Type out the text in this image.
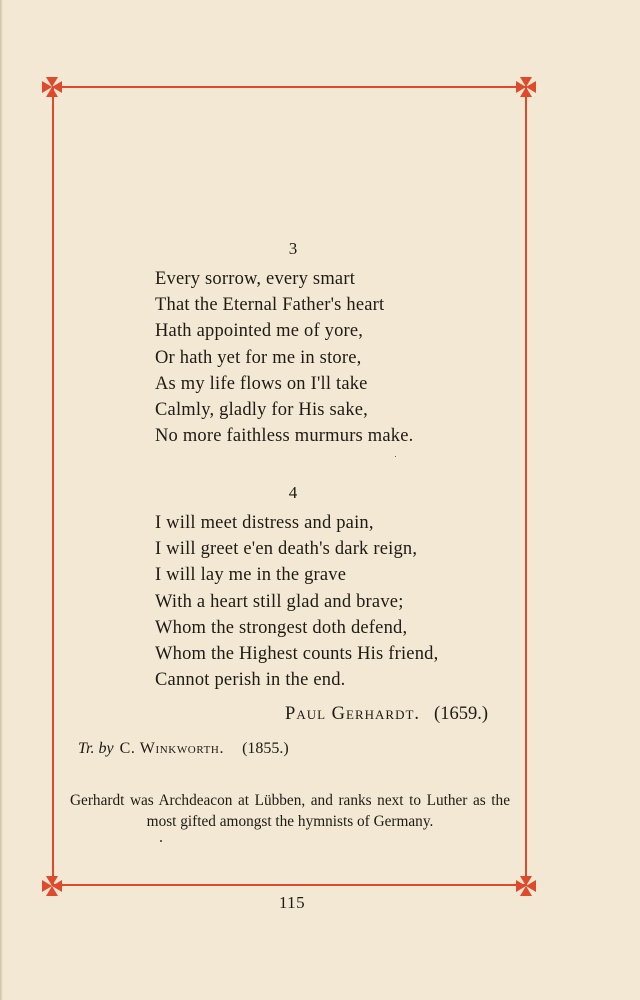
3
Every sorrow, every smart
That the Eternal Father's heart
Hath appointed me of yore,
Or hath yet for me in store,
As my life flows on I'll take
Calmly, gladly for His sake,
No more faithless murmurs make.
4
I will meet distress and pain,
I will greet e'en death's dark reign,
I will lay me in the grave
With a heart still glad and brave;
Whom the strongest doth defend,
Whom the Highest counts His friend,
Cannot perish in the end.
Paul Gerhardt. (1659.)
Tr. by C. Winkworth. (1855.)
Gerhardt was Archdeacon at Lübben, and ranks next to Luther as the most gifted amongst the hymnists of Germany.
115
